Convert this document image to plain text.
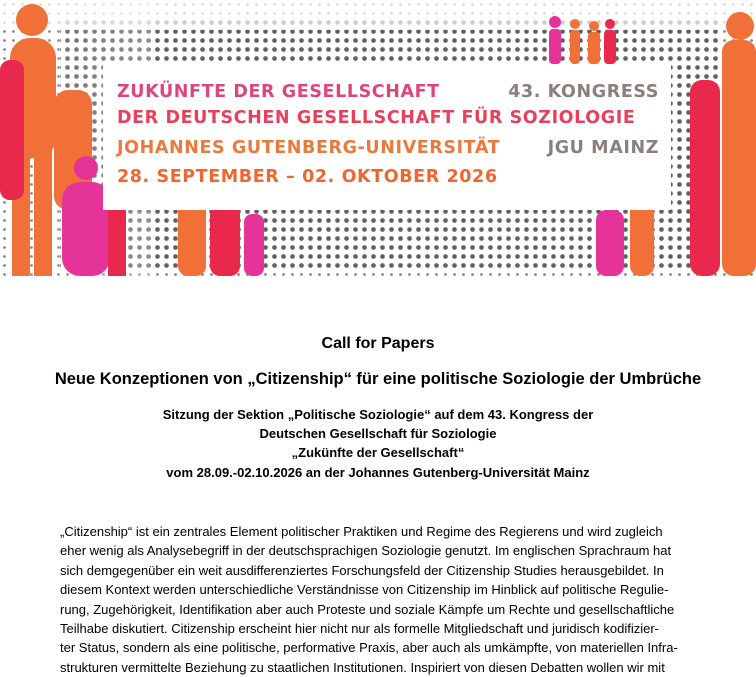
ZUKÜNFTE DER GESELLSCHAFT	43. KONGRESS
DER DEUTSCHEN GESELLSCHAFT FÜR SOZIOLOGIE
JOHANNES GUTENBERG-UNIVERSITÄT	JGU MAINZ
28. SEPTEMBER – 02. OKTOBER 2026
Call for Papers
Neue Konzeptionen von „Citizenship“ für eine politische Soziologie der Umbrüche
Sitzung der Sektion „Politische Soziologie“ auf dem 43. Kongress der
Deutschen Gesellschaft für Soziologie
„Zukünfte der Gesellschaft“
vom 28.09.-02.10.2026 an der Johannes Gutenberg-Universität Mainz
„Citizenship“ ist ein zentrales Element politischer Praktiken und Regime des Regierens und wird zugleich
eher wenig als Analysebegriff in der deutschsprachigen Soziologie genutzt. Im englischen Sprachraum hat
sich demgegenüber ein weit ausdifferenziertes Forschungsfeld der Citizenship Studies herausgebildet. In
diesem Kontext werden unterschiedliche Verständnisse von Citizenship im Hinblick auf politische Regulie-
rung, Zugehörigkeit, Identifikation aber auch Proteste und soziale Kämpfe um Rechte und gesellschaftliche
Teilhabe diskutiert. Citizenship erscheint hier nicht nur als formelle Mitgliedschaft und juridisch kodifizier-
ter Status, sondern als eine politische, performative Praxis, aber auch als umkämpfte, von materiellen Infra-
strukturen vermittelte Beziehung zu staatlichen Institutionen. Inspiriert von diesen Debatten wollen wir mit
